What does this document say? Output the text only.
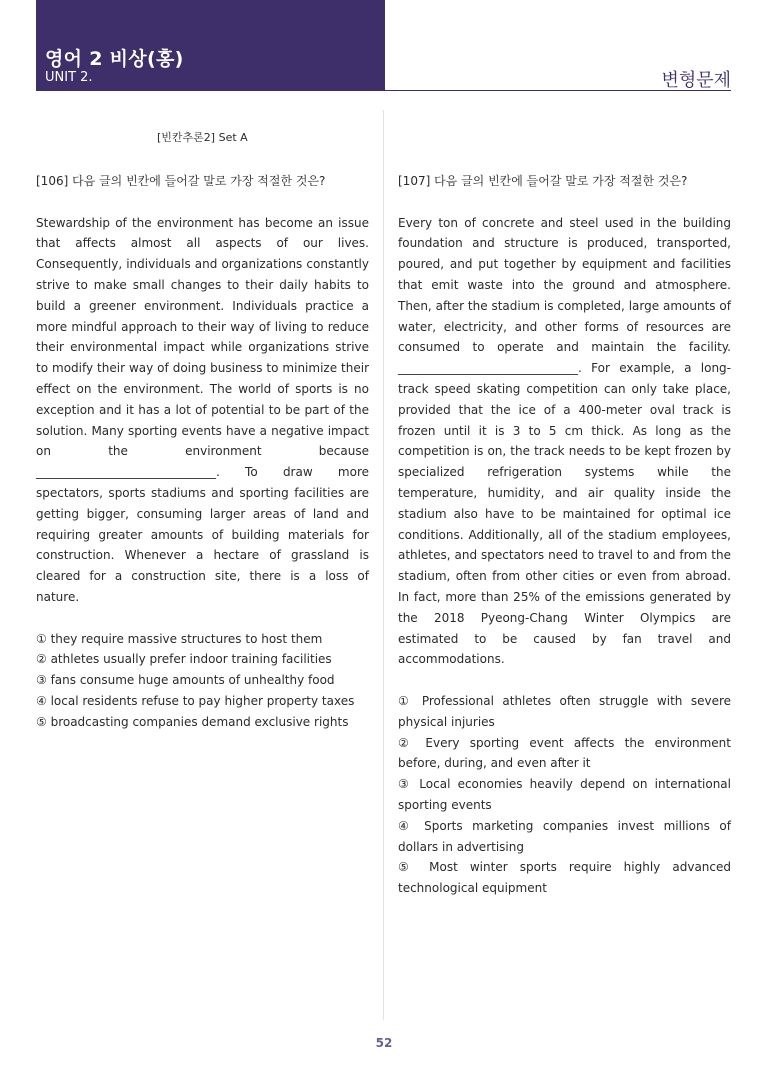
영어 2 비상(홍)
UNIT 2.	변형문제
[빈칸추론2] Set A

[106] 다음 글의 빈칸에 들어갈 말로 가장 적절한 것은?

Stewardship of the environment has become an issue that affects almost all aspects of our lives. Consequently, individuals and organizations constantly strive to make small changes to their daily habits to build a greener environment. Individuals practice a more mindful approach to their way of living to reduce their environmental impact while organizations strive to modify their way of doing business to minimize their effect on the environment. The world of sports is no exception and it has a lot of potential to be part of the solution. Many sporting events have a negative impact on the environment because ______________________________. To draw more spectators, sports stadiums and sporting facilities are getting bigger, consuming larger areas of land and requiring greater amounts of building materials for construction. Whenever a hectare of grassland is cleared for a construction site, there is a loss of nature.

① they require massive structures to host them
② athletes usually prefer indoor training facilities
③ fans consume huge amounts of unhealthy food
④ local residents refuse to pay higher property taxes
⑤ broadcasting companies demand exclusive rights

[107] 다음 글의 빈칸에 들어갈 말로 가장 적절한 것은?

Every ton of concrete and steel used in the building foundation and structure is produced, transported, poured, and put together by equipment and facilities that emit waste into the ground and atmosphere. Then, after the stadium is completed, large amounts of water, electricity, and other forms of resources are consumed to operate and maintain the facility. ______________________________. For example, a long-track speed skating competition can only take place, provided that the ice of a 400-meter oval track is frozen until it is 3 to 5 cm thick. As long as the competition is on, the track needs to be kept frozen by specialized refrigeration systems while the temperature, humidity, and air quality inside the stadium also have to be maintained for optimal ice conditions. Additionally, all of the stadium employees, athletes, and spectators need to travel to and from the stadium, often from other cities or even from abroad. In fact, more than 25% of the emissions generated by the 2018 Pyeong-Chang Winter Olympics are estimated to be caused by fan travel and accommodations.

① Professional athletes often struggle with severe physical injuries
② Every sporting event affects the environment before, during, and even after it
③ Local economies heavily depend on international sporting events
④ Sports marketing companies invest millions of dollars in advertising
⑤ Most winter sports require highly advanced technological equipment
52
